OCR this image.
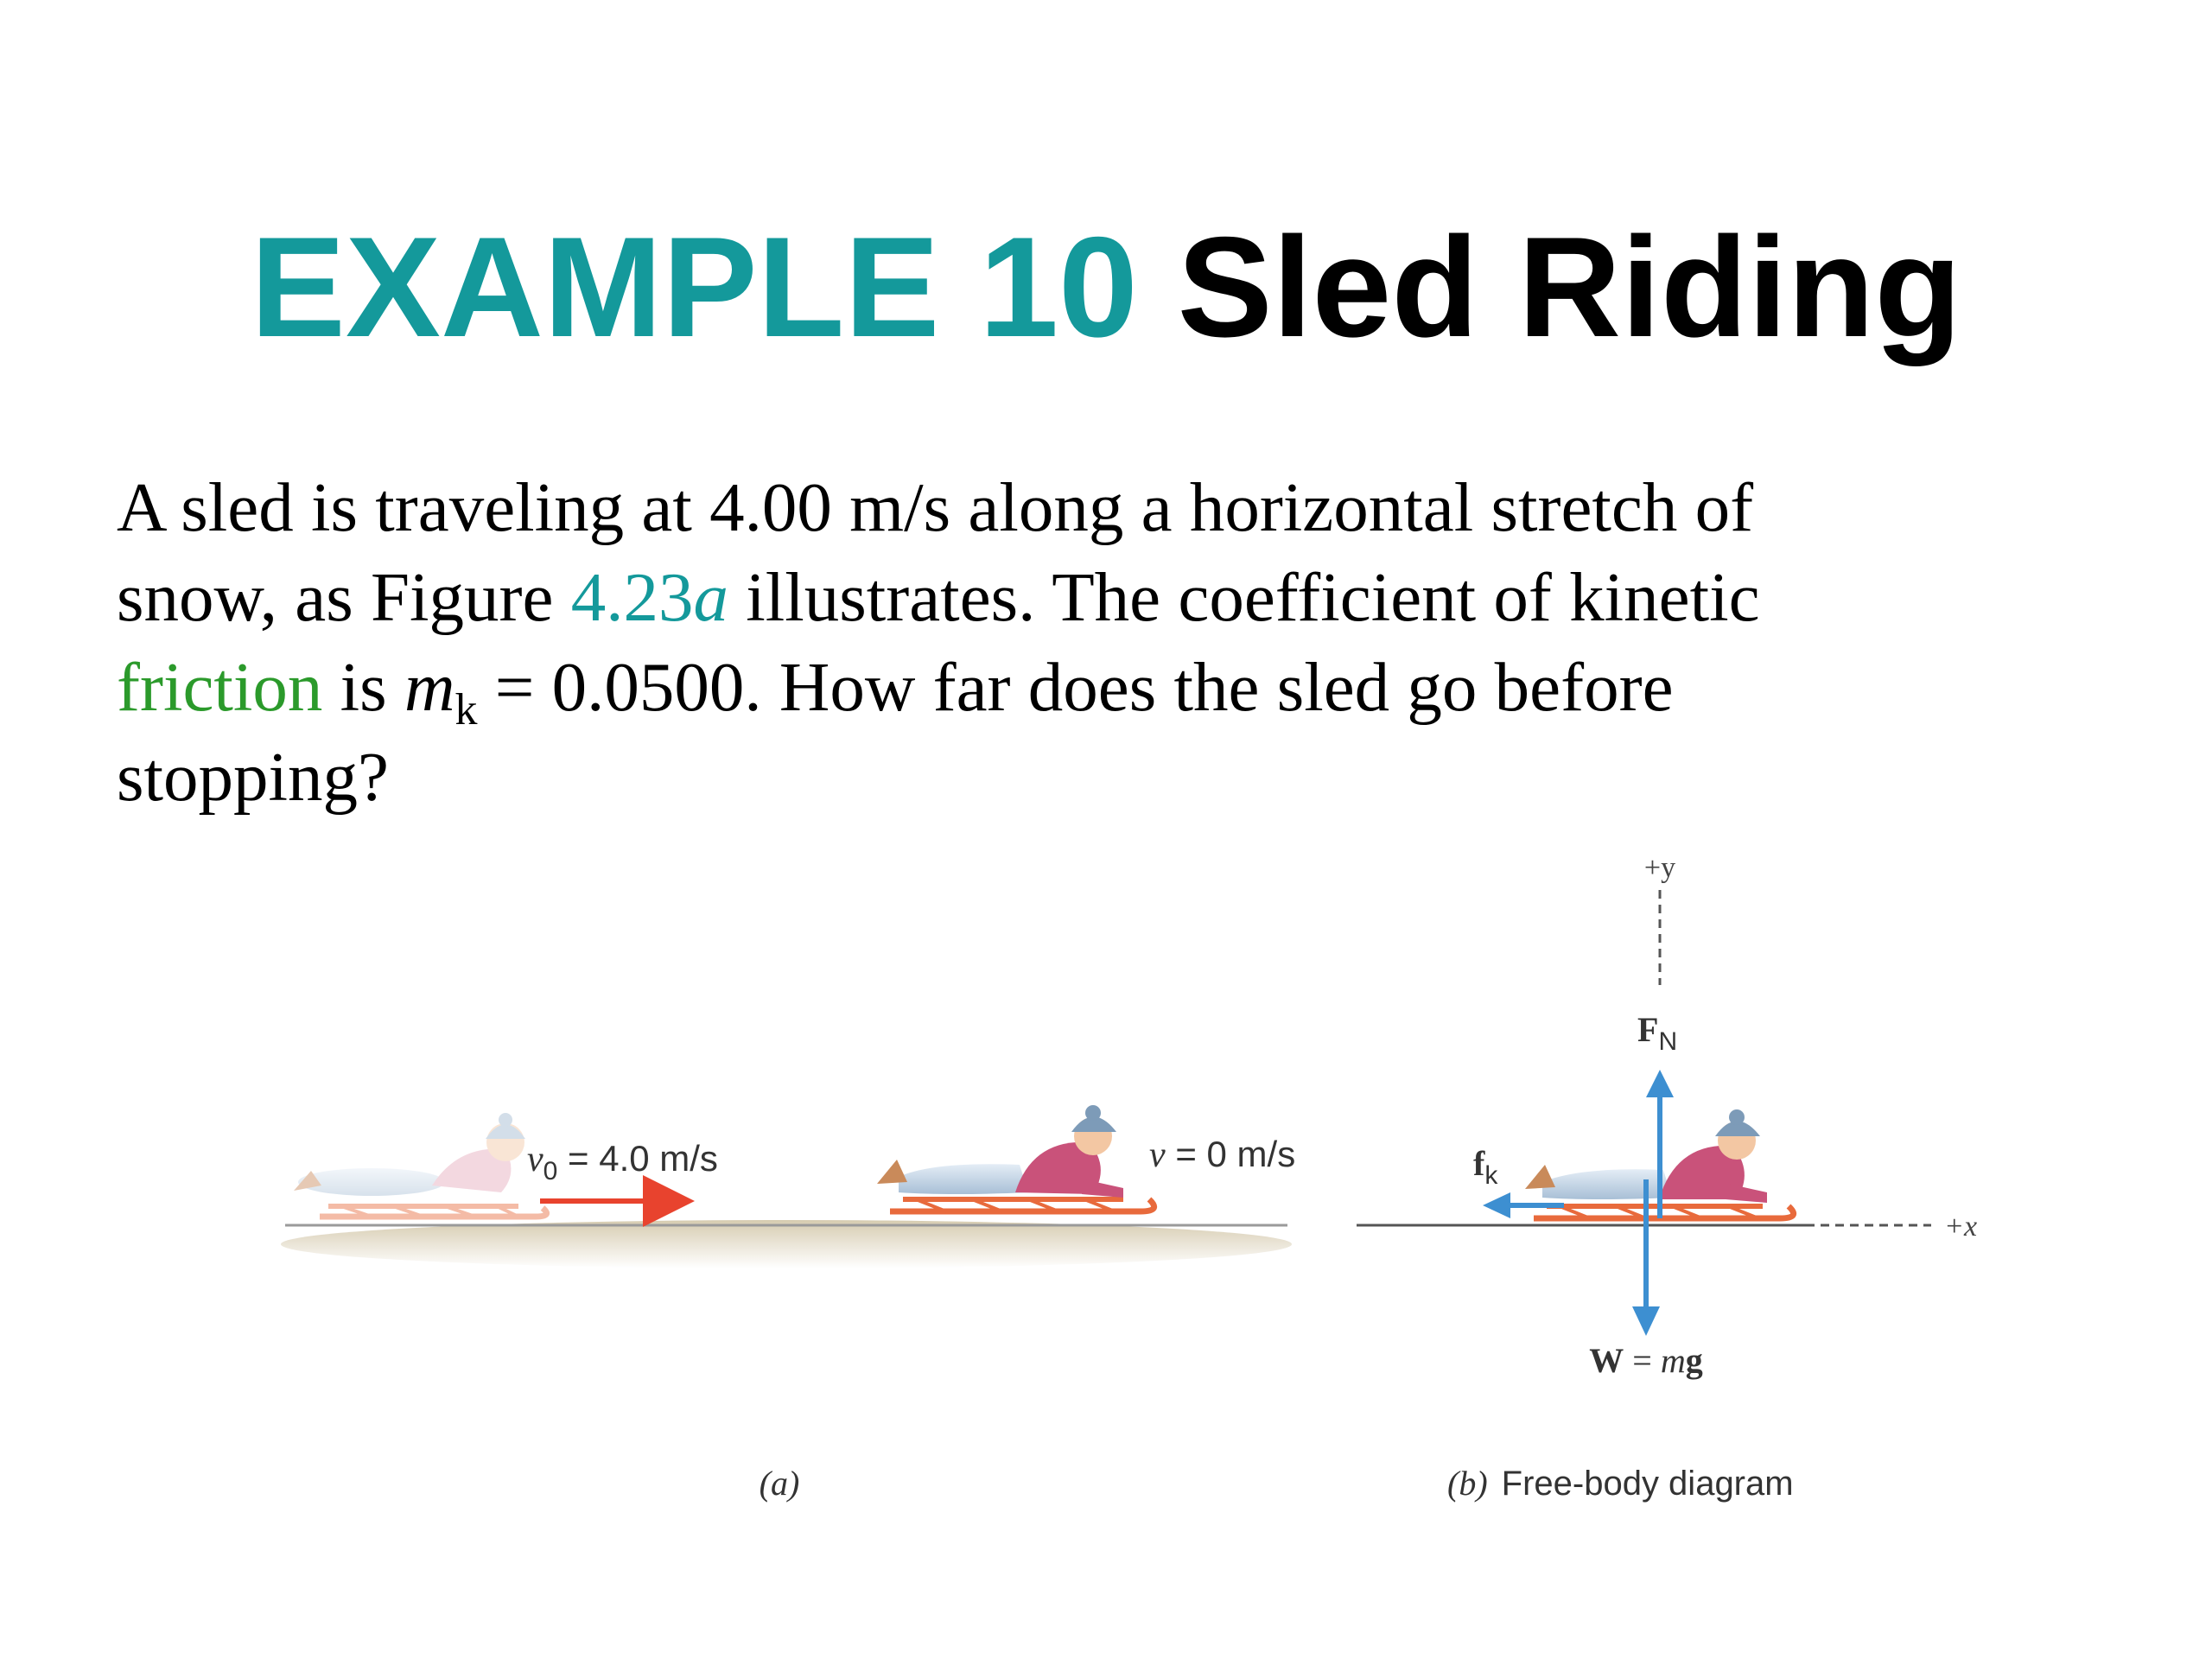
EXAMPLE 10 Sled Riding
A sled is traveling at 4.00 m/s along a horizontal stretch of
snow, as Figure 4.23a illustrates. The coefficient of kinetic
friction is $m_k = 0.0500$. How far does the sled go before
stopping?
$v_0 = 4.0$ m/s	v = 0 m/s
(a)
+y
+x
$F_N$
W = mg
$f_k$
(b) Free-body diagram
